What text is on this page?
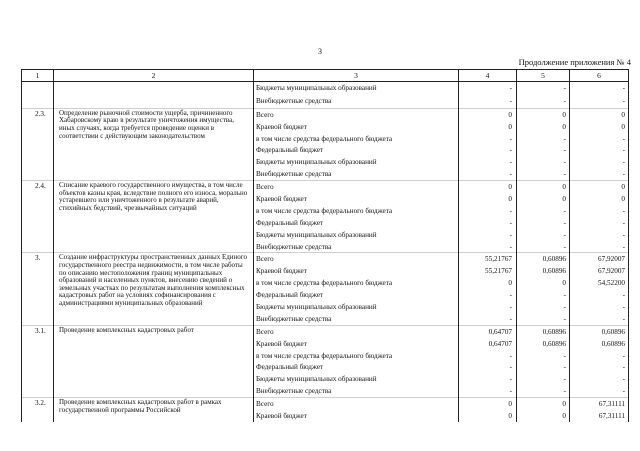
3
Продолжение приложения № 4
1	2	3	4	5	6
		Бюджеты муниципальных образований	-	-	-
		Внебюджетные средства	-	-	-
2.3.	Определение рыночной стоимости ущерба, причиненного Хабаровскому краю в результате уничтожения имущества, иных случаях, когда требуется проведение оценки в соответствии с действующим законодательством	Всего	0	0	0
		Краевой бюджет	0	0	0
		в том числе средства федерального бюджета	-	-	-
		Федеральный бюджет	-	-	-
		Бюджеты муниципальных образований	-	-	-
		Внебюджетные средства	-	-	-
2.4.	Списание краевого государственного имущества, в том числе объектов казны края, вследствие полного его износа, морально устаревшего или уничтоженного в результате аварий, стихийных бедствий, чрезвычайных ситуаций	Всего	0	0	0
		Краевой бюджет	0	0	0
		в том числе средства федерального бюджета	-	-	-
		Федеральный бюджет	-	-	-
		Бюджеты муниципальных образований	-	-	-
		Внебюджетные средства	-	-	-
3.	Создание инфраструктуры пространственных данных Единого государственного реестра недвижимости, в том числе работы по описанию местоположения границ муниципальных образований и населенных пунктов, внесению сведений о земельных участках по результатам выполнения комплексных кадастровых работ на условиях софинансирования с администрациями муниципальных образований	Всего	55,21767	0,60896	67,92007
		Краевой бюджет	55,21767	0,60896	67,92007
		в том числе средства федерального бюджета	0	0	54,52200
		Федеральный бюджет	-	-	-
		Бюджеты муниципальных образований	-	-	-
		Внебюджетные средства	-	-	-
3.1.	Проведение комплексных кадастровых работ	Всего	0,64707	0,60896	0,60896
		Краевой бюджет	0,64707	0,60896	0,60896
		в том числе средства федерального бюджета	-	-	-
		Федеральный бюджет	-	-	-
		Бюджеты муниципальных образований	-	-	-
		Внебюджетные средства	-	-	-
3.2.	Проведение комплексных кадастровых работ в рамках государственной программы Российской	Всего	0	0	67,31111
		Краевой бюджет	0	0	67,31111
